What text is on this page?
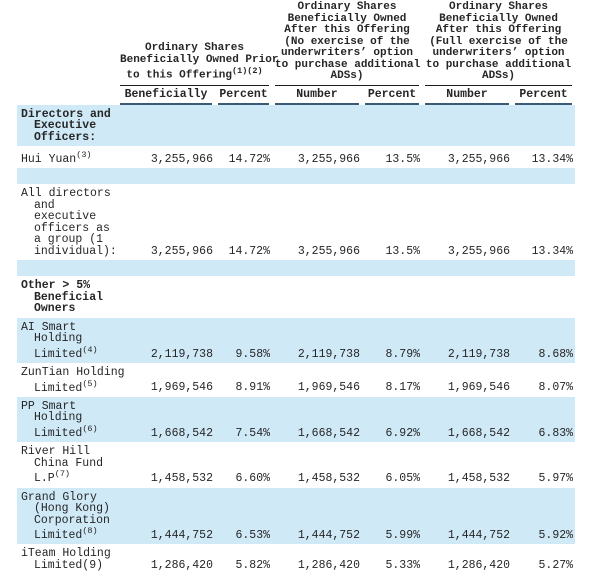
Ordinary Shares
Beneficially Owned Prior
to this Offering$^{(1)(2)}$

Ordinary Shares
Beneficially Owned
After this Offering
(No exercise of the
underwriters’ option
to purchase additional
ADSs)

Ordinary Shares
Beneficially Owned
After this Offering
(Full exercise of the
underwriters’ option
to purchase additional
ADSs)

	Beneficially	Percent	Number	Percent	Number	Percent

Directors and
Executive
Officers:						

Hui Yuan$^{(3)}$	3,255,966	14.72%	3,255,966	13.5%	3,255,966	13.34%

All directors
and
executive
officers as
a group (1
individual):	3,255,966	14.72%	3,255,966	13.5%	3,255,966	13.34%

Other > 5%
Beneficial
Owners						

AI Smart
Holding
Limited$^{(4)}$	2,119,738	9.58%	2,119,738	8.79%	2,119,738	8.68%

ZunTian Holding
Limited$^{(5)}$	1,969,546	8.91%	1,969,546	8.17%	1,969,546	8.07%

PP Smart
Holding
Limited$^{(6)}$	1,668,542	7.54%	1,668,542	6.92%	1,668,542	6.83%

River Hill
China Fund
$L.P^{(7)}$	1,458,532	6.60%	1,458,532	6.05%	1,458,532	5.97%

Grand Glory
(Hong Kong)
Corporation
Limited$^{(8)}$	1,444,752	6.53%	1,444,752	5.99%	1,444,752	5.92%

iTeam Holding
Limited(9)	1,286,420	5.82%	1,286,420	5.33%	1,286,420	5.27%
